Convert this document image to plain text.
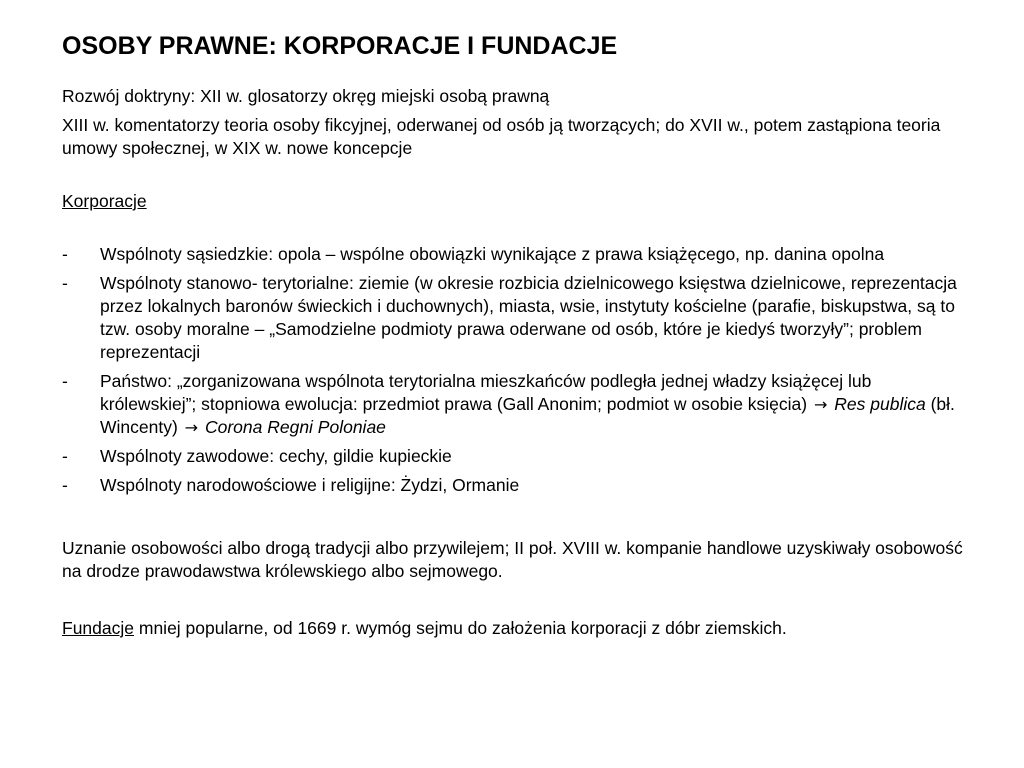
OSOBY PRAWNE: KORPORACJE I FUNDACJE

Rozwój doktryny: XII w. glosatorzy okręg miejski osobą prawną

XIII w. komentatorzy teoria osoby fikcyjnej, oderwanej od osób ją tworzących; do XVII w., potem zastąpiona teoria umowy społecznej, w XIX w. nowe koncepcje

Korporacje

- Wspólnoty sąsiedzkie: opola – wspólne obowiązki wynikające z prawa książęcego, np. danina opolna
- Wspólnoty stanowo- terytorialne: ziemie (w okresie rozbicia dzielnicowego księstwa dzielnicowe, reprezentacja przez lokalnych baronów świeckich i duchownych), miasta, wsie, instytuty kościelne (parafie, biskupstwa, są to tzw. osoby moralne – „Samodzielne podmioty prawa oderwane od osób, które je kiedyś tworzyły”; problem reprezentacji
- Państwo: „zorganizowana wspólnota terytorialna mieszkańców podległa jednej władzy książęcej lub królewskiej”; stopniowa ewolucja: przedmiot prawa (Gall Anonim; podmiot w osobie księcia) → Res publica (bł. Wincenty) → Corona Regni Poloniae
- Wspólnoty zawodowe: cechy, gildie kupieckie
- Wspólnoty narodowościowe i religijne: Żydzi, Ormanie

Uznanie osobowości albo drogą tradycji albo przywilejem; II poł. XVIII w. kompanie handlowe uzyskiwały osobowość na drodze prawodawstwa królewskiego albo sejmowego.

Fundacje mniej popularne, od 1669 r. wymóg sejmu do założenia korporacji z dóbr ziemskich.
